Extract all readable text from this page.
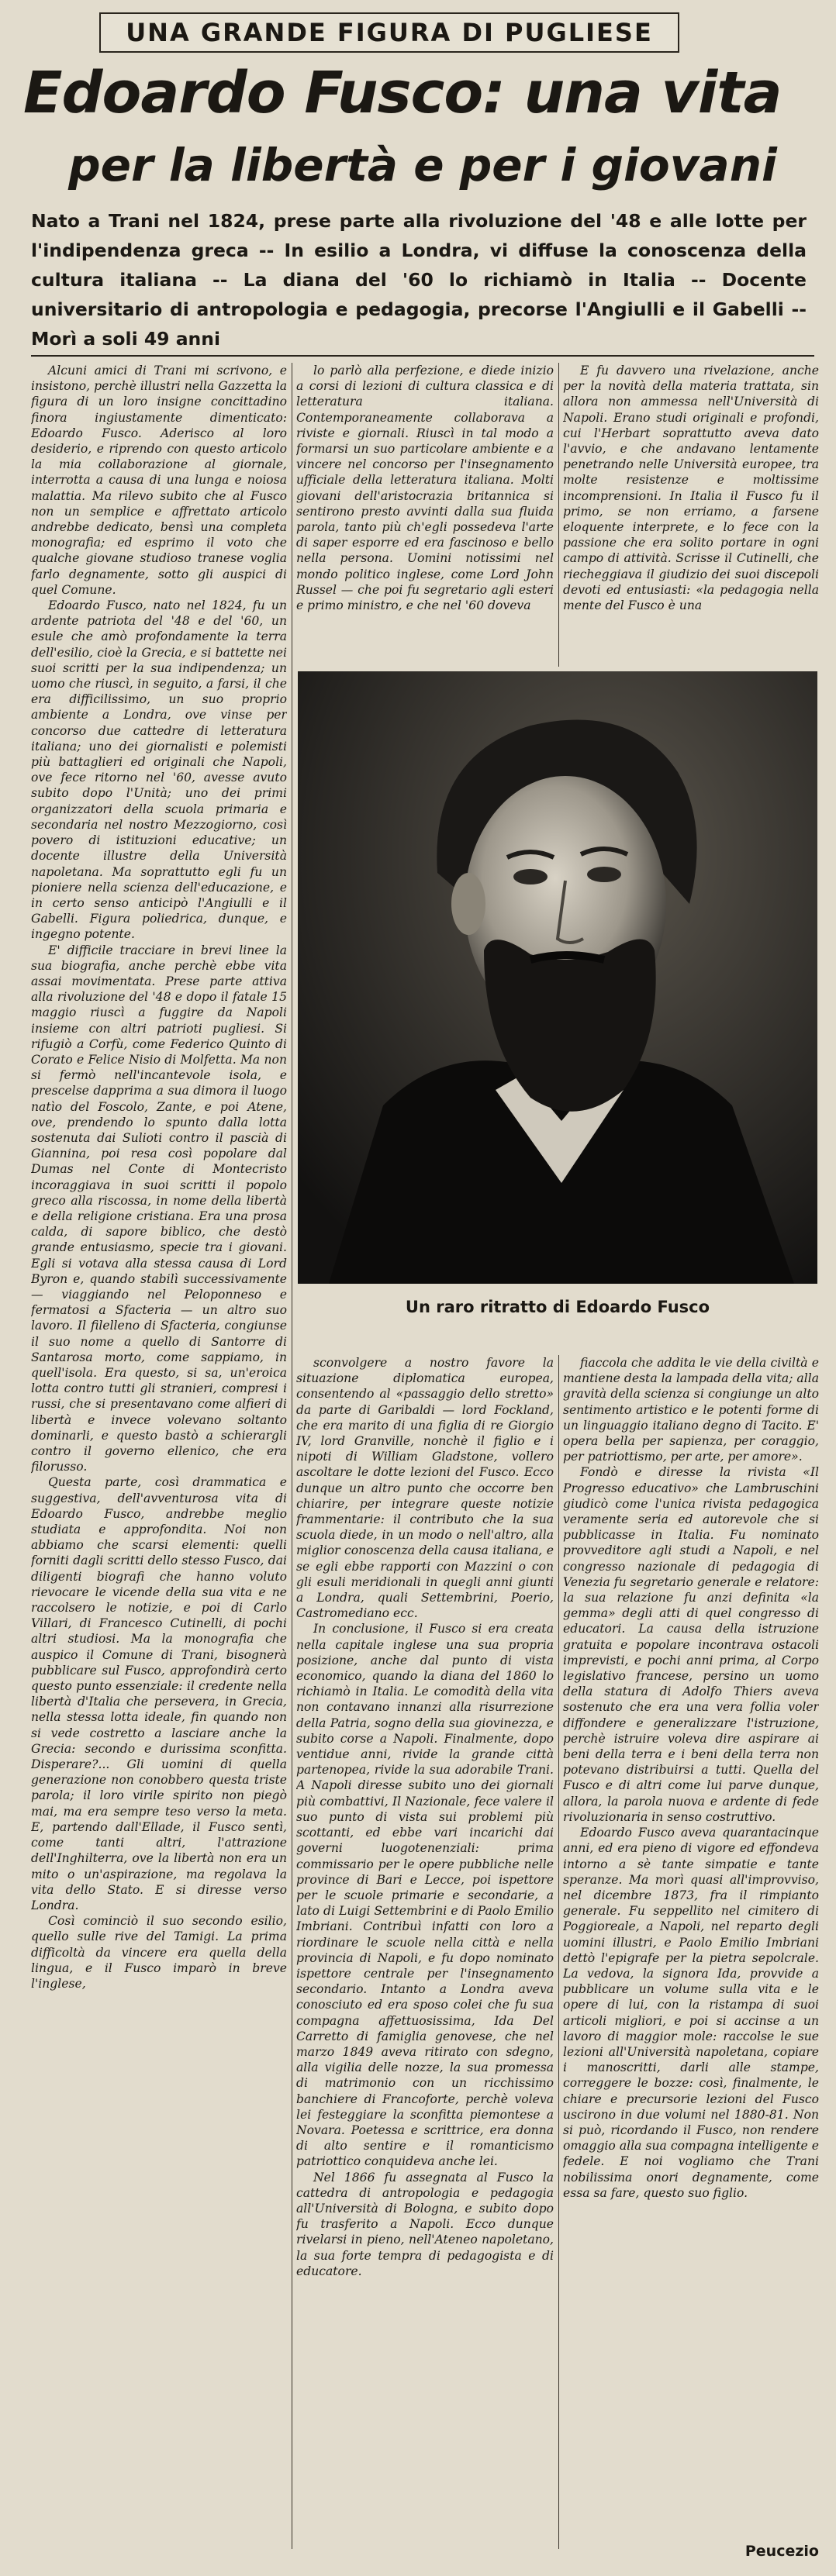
UNA GRANDE FIGURA DI PUGLIESE
Edoardo Fusco: una vita
per la libertà e per i giovani
Nato a Trani nel 1824, prese parte alla rivoluzione del '48 e alle lotte per l'indipendenza greca -- In esilio a Londra, vi diffuse la conoscenza della cultura italiana -- La diana del '60 lo richiamò in Italia -- Docente universitario di antropologia e pedagogia, precorse l'Angiulli e il Gabelli -- Morì a soli 49 anni

Alcuni amici di Trani mi scrivono, e insistono, perchè illustri nella Gazzetta la figura di un loro insigne concittadino finora ingiustamente dimenticato: Edoardo Fusco. Aderisco al loro desiderio, e riprendo con questo articolo la mia collaborazione al giornale, interrotta a causa di una lunga e noiosa malattia. Ma rilevo subito che al Fusco non un semplice e affrettato articolo andrebbe dedicato, bensì una completa monografia; ed esprimo il voto che qualche giovane studioso tranese voglia farlo degnamente, sotto gli auspici di quel Comune.

Edoardo Fusco, nato nel 1824, fu un ardente patriota del '48 e del '60, un esule che amò profondamente la terra dell'esilio, cioè la Grecia, e si battette nei suoi scritti per la sua indipendenza; un uomo che riuscì, in seguito, a farsi, il che era difficilissimo, un suo proprio ambiente a Londra, ove vinse per concorso due cattedre di letteratura italiana; uno dei giornalisti e polemisti più battaglieri ed originali che Napoli, ove fece ritorno nel '60, avesse avuto subito dopo l'Unità; uno dei primi organizzatori della scuola primaria e secondaria nel nostro Mezzogiorno, così povero di istituzioni educative; un docente illustre della Università napoletana. Ma soprattutto egli fu un pioniere nella scienza dell'educazione, e in certo senso anticipò l'Angiulli e il Gabelli. Figura poliedrica, dunque, e ingegno potente.

E' difficile tracciare in brevi linee la sua biografia, anche perchè ebbe vita assai movimentata. Prese parte attiva alla rivoluzione del '48 e dopo il fatale 15 maggio riuscì a fuggire da Napoli insieme con altri patrioti pugliesi. Si rifugiò a Corfù, come Federico Quinto di Corato e Felice Nisio di Molfetta. Ma non si fermò nell'incantevole isola, e prescelse dapprima a sua dimora il luogo natìo del Foscolo, Zante, e poi Atene, ove, prendendo lo spunto dalla lotta sostenuta dai Sulioti contro il pascià di Giannina, poi resa così popolare dal Dumas nel Conte di Montecristo incoraggiava in suoi scritti il popolo greco alla riscossa, in nome della libertà e della religione cristiana. Era una prosa calda, di sapore biblico, che destò grande entusiasmo, specie tra i giovani. Egli si votava alla stessa causa di Lord Byron e, quando stabilì successivamente — viaggiando nel Peloponneso e fermatosi a Sfacteria — un altro suo lavoro. Il filelleno di Sfacteria, congiunse il suo nome a quello di Santorre di Santarosa morto, come sappiamo, in quell'isola. Era questo, si sa, un'eroica lotta contro tutti gli stranieri, compresi i russi, che si presentavano come alfieri di libertà e invece volevano soltanto dominarli, e questo bastò a schierargli contro il governo ellenico, che era filorusso.

Questa parte, così drammatica e suggestiva, dell'avventurosa vita di Edoardo Fusco, andrebbe meglio studiata e approfondita. Noi non abbiamo che scarsi elementi: quelli forniti dagli scritti dello stesso Fusco, dai diligenti biografi che hanno voluto rievocare le vicende della sua vita e ne raccolsero le notizie, e poi di Carlo Villari, di Francesco Cutinelli, di pochi altri studiosi. Ma la monografia che auspico il Comune di Trani, bisognerà pubblicare sul Fusco, approfondirà certo questo punto essenziale: il credente nella libertà d'Italia che persevera, in Grecia, nella stessa lotta ideale, fin quando non si vede costretto a lasciare anche la Grecia: secondo e durissima sconfitta. Disperare?... Gli uomini di quella generazione non conobbero questa triste parola; il loro virile spirito non piegò mai, ma era sempre teso verso la meta. E, partendo dall'Ellade, il Fusco sentì, come tanti altri, l'attrazione dell'Inghilterra, ove la libertà non era un mito o un'aspirazione, ma regolava la vita dello Stato. E si diresse verso Londra.

Così cominciò il suo secondo esilio, quello sulle rive del Tamigi. La prima difficoltà da vincere era quella della lingua, e il Fusco imparò in breve l'inglese,

lo parlò alla perfezione, e diede inizio a corsi di lezioni di cultura classica e di letteratura italiana. Contemporaneamente collaborava a riviste e giornali. Riuscì in tal modo a formarsi un suo particolare ambiente e a vincere nel concorso per l'insegnamento ufficiale della letteratura italiana. Molti giovani dell'aristocrazia britannica si sentirono presto avvinti dalla sua fluida parola, tanto più ch'egli possedeva l'arte di saper esporre ed era fascinoso e bello nella persona. Uomini notissimi nel mondo politico inglese, come Lord John Russel — che poi fu segretario agli esteri e primo ministro, e che nel '60 doveva

E fu davvero una rivelazione, anche per la novità della materia trattata, sin allora non ammessa nell'Università di Napoli. Erano studi originali e profondi, cui l'Herbart soprattutto aveva dato l'avvio, e che andavano lentamente penetrando nelle Università europee, tra molte resistenze e moltissime incomprensioni. In Italia il Fusco fu il primo, se non erriamo, a farsene eloquente interprete, e lo fece con la passione che era solito portare in ogni campo di attività. Scrisse il Cutinelli, che riecheggiava il giudizio dei suoi discepoli devoti ed entusiasti: «la pedagogia nella mente del Fusco è una

Un raro ritratto di Edoardo Fusco

sconvolgere a nostro favore la situazione diplomatica europea, consentendo al «passaggio dello stretto» da parte di Garibaldi — lord Fockland, che era marito di una figlia di re Giorgio IV, lord Granville, nonchè il figlio e i nipoti di William Gladstone, vollero ascoltare le dotte lezioni del Fusco. Ecco dunque un altro punto che occorre ben chiarire, per integrare queste notizie frammentarie: il contributo che la sua scuola diede, in un modo o nell'altro, alla miglior conoscenza della causa italiana, e se egli ebbe rapporti con Mazzini o con gli esuli meridionali in quegli anni giunti a Londra, quali Settembrini, Poerio, Castromediano ecc.

In conclusione, il Fusco si era creata nella capitale inglese una sua propria posizione, anche dal punto di vista economico, quando la diana del 1860 lo richiamò in Italia. Le comodità della vita non contavano innanzi alla risurrezione della Patria, sogno della sua giovinezza, e subito corse a Napoli. Finalmente, dopo ventidue anni, rivide la grande città partenopea, rivide la sua adorabile Trani. A Napoli diresse subito uno dei giornali più combattivi, Il Nazionale, fece valere il suo punto di vista sui problemi più scottanti, ed ebbe vari incarichi dai governi luogotenenziali: prima commissario per le opere pubbliche nelle province di Bari e Lecce, poi ispettore per le scuole primarie e secondarie, a lato di Luigi Settembrini e di Paolo Emilio Imbriani. Contribuì infatti con loro a riordinare le scuole nella città e nella provincia di Napoli, e fu dopo nominato ispettore centrale per l'insegnamento secondario. Intanto a Londra aveva conosciuto ed era sposo colei che fu sua compagna affettuosissima, Ida Del Carretto di famiglia genovese, che nel marzo 1849 aveva ritirato con sdegno, alla vigilia delle nozze, la sua promessa di matrimonio con un ricchissimo banchiere di Francoforte, perchè voleva lei festeggiare la sconfitta piemontese a Novara. Poetessa e scrittrice, era donna di alto sentire e il romanticismo patriottico conquideva anche lei.

Nel 1866 fu assegnata al Fusco la cattedra di antropologia e pedagogia all'Università di Bologna, e subito dopo fu trasferito a Napoli. Ecco dunque rivelarsi in pieno, nell'Ateneo napoletano, la sua forte tempra di pedagogista e di educatore.

fiaccola che addita le vie della civiltà e mantiene desta la lampada della vita; alla gravità della scienza si congiunge un alto sentimento artistico e le potenti forme di un linguaggio italiano degno di Tacito. E' opera bella per sapienza, per coraggio, per patriottismo, per arte, per amore».

Fondò e diresse la rivista «Il Progresso educativo» che Lambruschini giudicò come l'unica rivista pedagogica veramente seria ed autorevole che si pubblicasse in Italia. Fu nominato provveditore agli studi a Napoli, e nel congresso nazionale di pedagogia di Venezia fu segretario generale e relatore: la sua relazione fu anzi definita «la gemma» degli atti di quel congresso di educatori. La causa della istruzione gratuita e popolare incontrava ostacoli imprevisti, e pochi anni prima, al Corpo legislativo francese, persino un uomo della statura di Adolfo Thiers aveva sostenuto che era una vera follia voler diffondere e generalizzare l'istruzione, perchè istruire voleva dire aspirare ai beni della terra e i beni della terra non potevano distribuirsi a tutti. Quella del Fusco e di altri come lui parve dunque, allora, la parola nuova e ardente di fede rivoluzionaria in senso costruttivo.

Edoardo Fusco aveva quarantacinque anni, ed era pieno di vigore ed effondeva intorno a sè tante simpatie e tante speranze. Ma morì quasi all'improvviso, nel dicembre 1873, fra il rimpianto generale. Fu seppellito nel cimitero di Poggioreale, a Napoli, nel reparto degli uomini illustri, e Paolo Emilio Imbriani dettò l'epigrafe per la pietra sepolcrale. La vedova, la signora Ida, provvide a pubblicare un volume sulla vita e le opere di lui, con la ristampa di suoi articoli migliori, e poi si accinse a un lavoro di maggior mole: raccolse le sue lezioni all'Università napoletana, copiare i manoscritti, darli alle stampe, correggere le bozze: così, finalmente, le chiare e precursorie lezioni del Fusco uscirono in due volumi nel 1880-81. Non si può, ricordando il Fusco, non rendere omaggio alla sua compagna intelligente e fedele. E noi vogliamo che Trani nobilissima onori degnamente, come essa sa fare, questo suo figlio.

Peucezio
